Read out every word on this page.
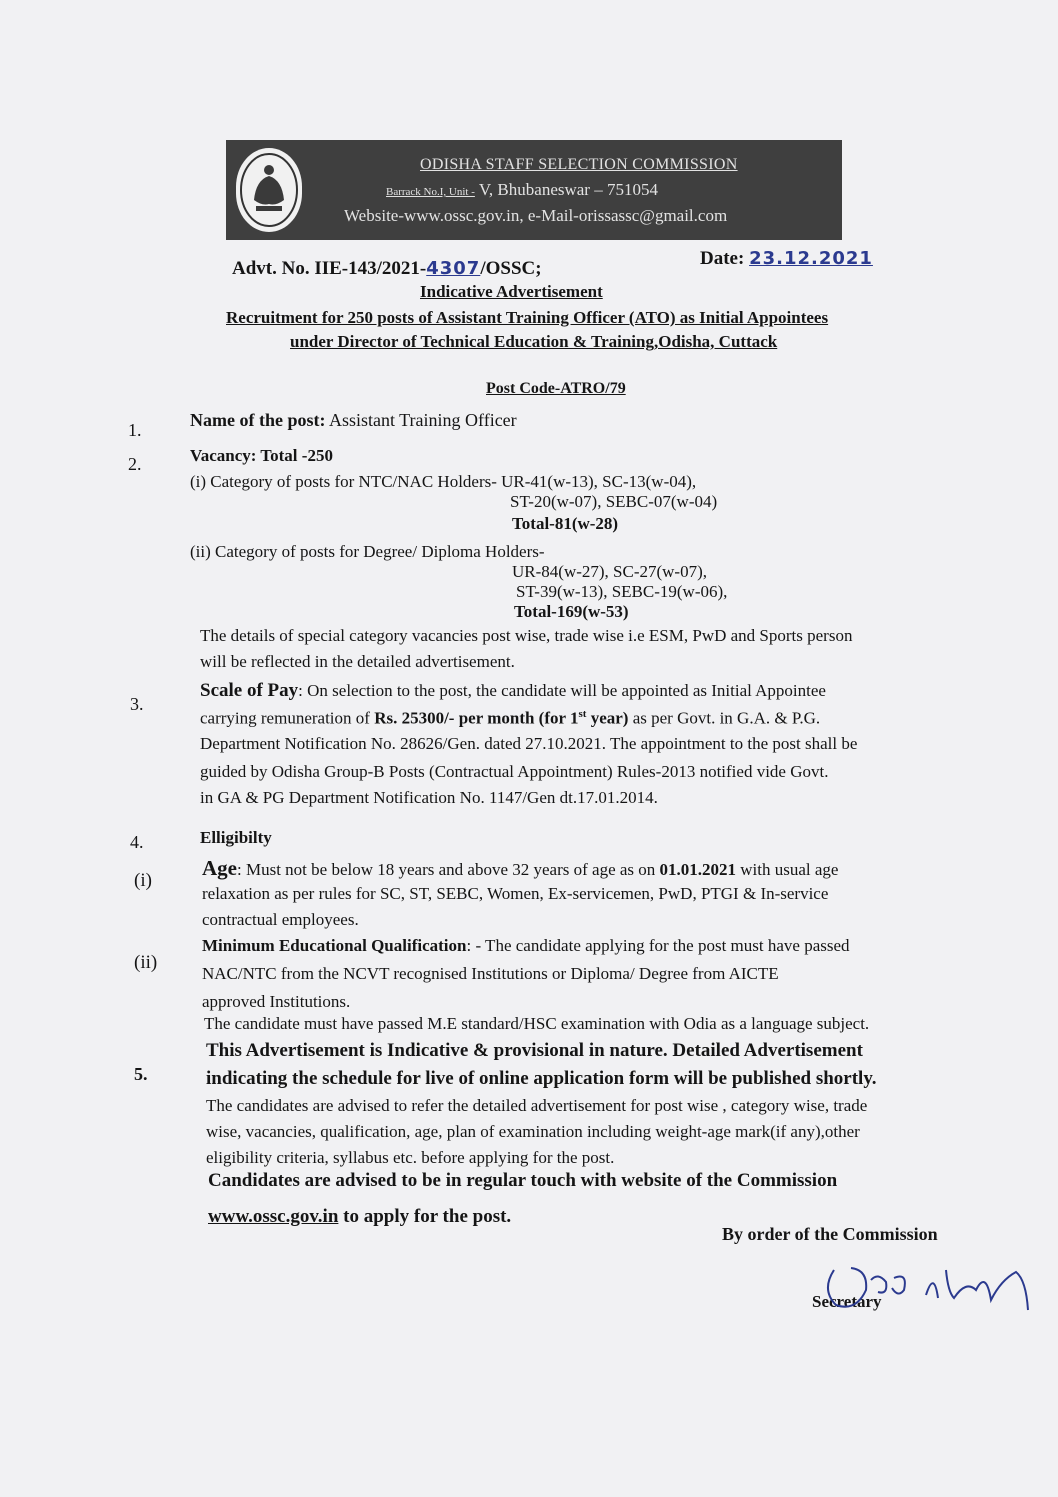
ODISHA STAFF SELECTION COMMISSION
Barrack No.I, Unit - V, Bhubaneswar – 751054
Website-www.ossc.gov.in, e-Mail-orissassc@gmail.com
Advt. No. IIE-143/2021-4307/OSSC;	Date: 23.12.2021
Indicative Advertisement
Recruitment for 250 posts of Assistant Training Officer (ATO) as Initial Appointees
under Director of Technical Education & Training,Odisha, Cuttack
Post Code-ATRO/79
1.	Name of the post: Assistant Training Officer
2.	Vacancy: Total -250
(i) Category of posts for NTC/NAC Holders- UR-41(w-13), SC-13(w-04),
ST-20(w-07), SEBC-07(w-04)
Total-81(w-28)
(ii) Category of posts for Degree/ Diploma Holders-
UR-84(w-27), SC-27(w-07),
ST-39(w-13), SEBC-19(w-06),
Total-169(w-53)
The details of special category vacancies post wise, trade wise i.e ESM, PwD and Sports person
will be reflected in the detailed advertisement.
3.
Scale of Pay: On selection to the post, the candidate will be appointed as Initial Appointee
carrying remuneration of Rs. 25300/- per month (for 1st year) as per Govt. in G.A. & P.G.
Department Notification No. 28626/Gen. dated 27.10.2021. The appointment to the post shall be
guided by Odisha Group-B Posts (Contractual Appointment) Rules-2013 notified vide Govt.
in GA & PG Department Notification No. 1147/Gen dt.17.01.2014.
4.	Elligibilty
(i)
Age: Must not be below 18 years and above 32 years of age as on 01.01.2021 with usual age
relaxation as per rules for SC, ST, SEBC, Women, Ex-servicemen, PwD, PTGI & In-service
contractual employees.
(ii)
Minimum Educational Qualification: - The candidate applying for the post must have passed
NAC/NTC from the NCVT recognised Institutions or Diploma/ Degree from AICTE
approved Institutions.
The candidate must have passed M.E standard/HSC examination with Odia as a language subject.
5.
This Advertisement is Indicative & provisional in nature. Detailed Advertisement
indicating the schedule for live of online application form will be published shortly.
The candidates are advised to refer the detailed advertisement for post wise , category wise, trade
wise, vacancies, qualification, age, plan of examination including weight-age mark(if any),other
eligibility criteria, syllabus etc. before applying for the post.
Candidates are advised to be in regular touch with website of the Commission
www.ossc.gov.in to apply for the post.
By order of the Commission
Secretary
